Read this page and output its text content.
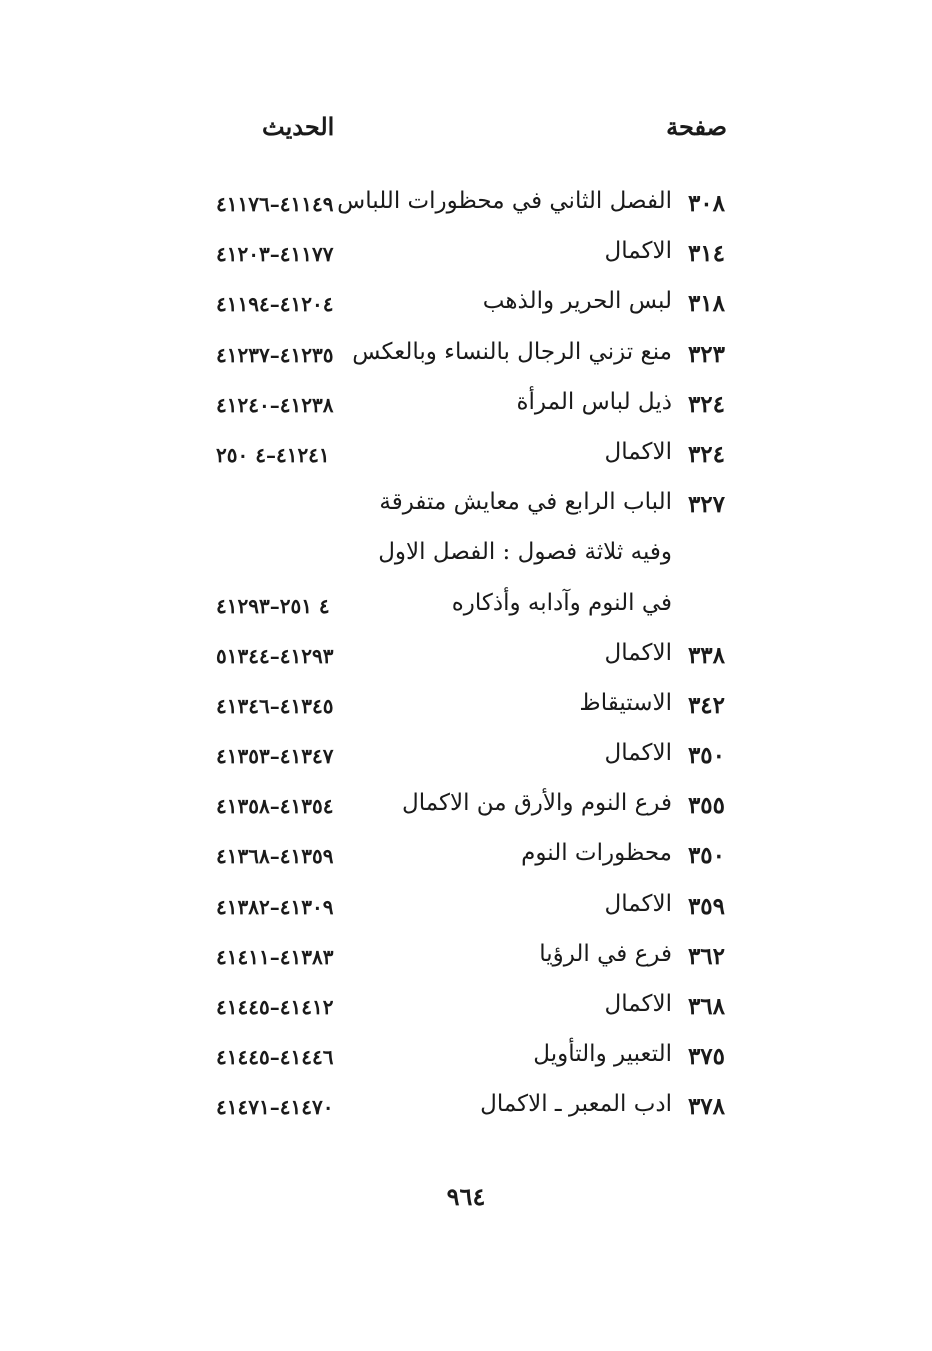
صفحة
الحديث
٣٠٨
الفصل الثاني في محظورات اللباس
٤١١٤٩–٤١١٧٦
٣١٤
الاكمال
٤١١٧٧–٤١٢٠٣
٣١٨
لبس الحرير والذهب
٤١٢٠٤–٤١١٩٤
٣٢٣
منع تزني الرجال بالنساء وبالعكس
٤١٢٣٥–٤١٢٣٧
٣٢٤
ذيل لباس المرأة
٤١٢٣٨–٤١٢٤٠
٣٢٤
الاكمال
٤١٢٤١–٤ ٢٥٠
٣٢٧
الباب الرابع في معايش متفرقة
وفيه ثلاثة فصول : الفصل الاول
في النوم وآدابه وأذكاره
٤ ٢٥١–٤١٢٩٣
٣٣٨
الاكمال
٤١٢٩٣–٥١٣٤٤
٣٤٢
الاستيقاظ
٤١٣٤٥–٤١٣٤٦
٣٥٠
الاكمال
٤١٣٤٧–٤١٣٥٣
٣٥٥
فرع النوم والأرق من الاكمال
٤١٣٥٤–٤١٣٥٨
٣٥٠
محظورات النوم
٤١٣٥٩–٤١٣٦٨
٣٥٩
الاكمال
٤١٣٠٩–٤١٣٨٢
٣٦٢
فرع في الرؤيا
٤١٣٨٣–٤١٤١١
٣٦٨
الاكمال
٤١٤١٢–٤١٤٤٥
٣٧٥
التعبير والتأويل
٤١٤٤٦–٤١٤٤٥
٣٧٨
ادب المعبر ـ الاكمال
٤١٤٧٠–٤١٤٧١
٩٦٤
